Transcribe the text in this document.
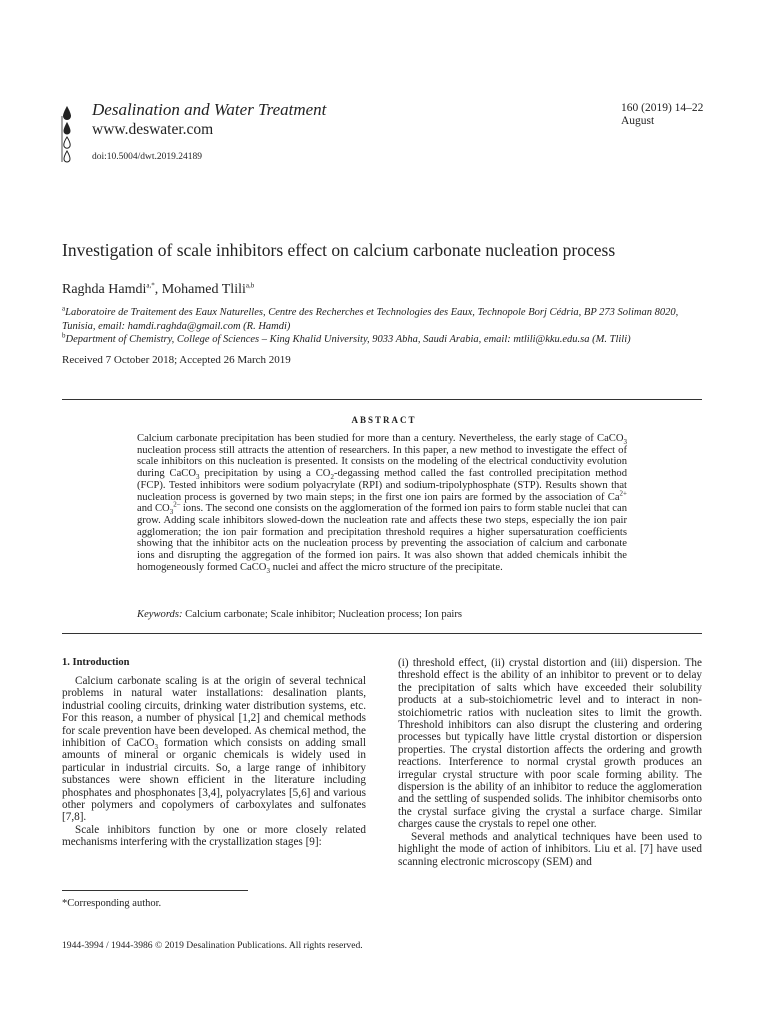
Desalination and Water Treatment
www.deswater.com
doi:10.5004/dwt.2019.24189
160 (2019) 14–22
August
Investigation of scale inhibitors effect on calcium carbonate nucleation process
Raghda Hamdi$^{a,*}$, Mohamed Tlili$^{a,b}$
$^a$Laboratoire de Traitement des Eaux Naturelles, Centre des Recherches et Technologies des Eaux, Technopole Borj Cédria, BP 273 Soliman 8020, Tunisia, email: hamdi.raghda@gmail.com (R. Hamdi)
$^b$Department of Chemistry, College of Sciences – King Khalid University, 9033 Abha, Saudi Arabia, email: mtlili@kku.edu.sa (M. Tlili)
Received 7 October 2018; Accepted 26 March 2019
ABSTRACT
Calcium carbonate precipitation has been studied for more than a century. Nevertheless, the early stage of CaCO$_3$ nucleation process still attracts the attention of researchers. In this paper, a new method to investigate the effect of scale inhibitors on this nucleation is presented. It consists on the modeling of the electrical conductivity evolution during CaCO$_3$ precipitation by using a $CO_2$-degassing method called the fast controlled precipitation method (FCP). Tested inhibitors were sodium polyacrylate (RPI) and sodium-tripolyphosphate (STP). Results shown that nucleation process is governed by two main steps; in the first one ion pairs are formed by the association of $Ca^{2+}$ and $CO_3^{2-}$ ions. The second one consists on the agglomeration of the formed ion pairs to form stable nuclei that can grow. Adding scale inhibitors slowed-down the nucleation rate and affects these two steps, especially the ion pair agglomeration; the ion pair formation and precipitation threshold requires a higher supersaturation coefficients showing that the inhibitor acts on the nucleation process by preventing the association of calcium and carbonate ions and disrupting the aggregation of the formed ion pairs. It was also shown that added chemicals inhibit the homogeneously formed CaCO$_3$ nuclei and affect the micro structure of the precipitate.
Keywords: Calcium carbonate; Scale inhibitor; Nucleation process; Ion pairs
1. Introduction

Calcium carbonate scaling is at the origin of several technical problems in natural water installations: desalination plants, industrial cooling circuits, drinking water distribution systems, etc. For this reason, a number of physical [1,2] and chemical methods for scale prevention have been developed. As chemical method, the inhibition of CaCO$_3$ formation which consists on adding small amounts of mineral or organic chemicals is widely used in particular in industrial circuits. So, a large range of inhibitory substances were shown efficient in the literature including phosphates and phosphonates [3,4], polyacrylates [5,6] and various other polymers and copolymers of carboxylates and sulfonates [7,8].

Scale inhibitors function by one or more closely related mechanisms interfering with the crystallization stages [9]:

(i) threshold effect, (ii) crystal distortion and (iii) dispersion. The threshold effect is the ability of an inhibitor to prevent or to delay the precipitation of salts which have exceeded their solubility products at a sub-stoichiometric level and to interact in non-stoichiometric ratios with nucleation sites to limit the growth. Threshold inhibitors can also disrupt the clustering and ordering processes but typically have little crystal distortion or dispersion properties. The crystal distortion affects the ordering and growth reactions. Interference to normal crystal growth produces an irregular crystal structure with poor scale forming ability. The dispersion is the ability of an inhibitor to reduce the agglomeration and the settling of suspended solids. The inhibitor chemisorbs onto the crystal surface giving the crystal a surface charge. Similar charges cause the crystals to repel one other.

Several methods and analytical techniques have been used to highlight the mode of action of inhibitors. Liu et al. [7] have used scanning electronic microscopy (SEM) and

*Corresponding author.
1944-3994 / 1944-3986 © 2019 Desalination Publications. All rights reserved.
